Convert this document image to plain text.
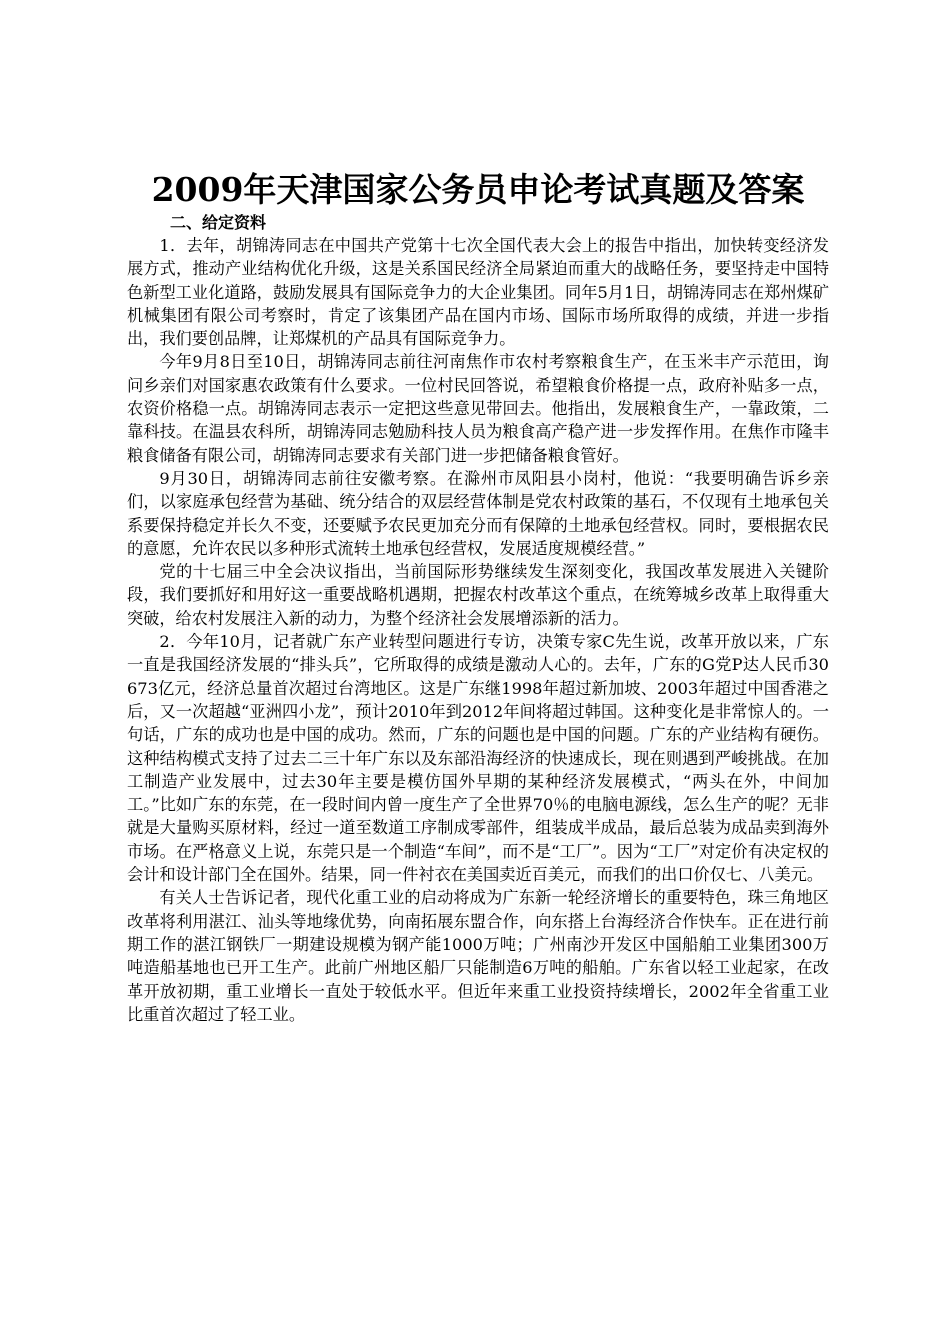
2009年天津国家公务员申论考试真题及答案
二、给定资料

1．去年，胡锦涛同志在中国共产党第十七次全国代表大会上的报告中指出，加快转变经济发展方式，推动产业结构优化升级，这是关系国民经济全局紧迫而重大的战略任务，要坚持走中国特色新型工业化道路，鼓励发展具有国际竞争力的大企业集团。同年5月1日，胡锦涛同志在郑州煤矿机械集团有限公司考察时，肯定了该集团产品在国内市场、国际市场所取得的成绩，并进一步指出，我们要创品牌，让郑煤机的产品具有国际竞争力。

今年9月8日至10日，胡锦涛同志前往河南焦作市农村考察粮食生产，在玉米丰产示范田，询问乡亲们对国家惠农政策有什么要求。一位村民回答说，希望粮食价格提一点，政府补贴多一点，农资价格稳一点。胡锦涛同志表示一定把这些意见带回去。他指出，发展粮食生产，一靠政策，二靠科技。在温县农科所，胡锦涛同志勉励科技人员为粮食高产稳产进一步发挥作用。在焦作市隆丰粮食储备有限公司，胡锦涛同志要求有关部门进一步把储备粮食管好。

9月30日，胡锦涛同志前往安徽考察。在滁州市凤阳县小岗村，他说：“我要明确告诉乡亲们，以家庭承包经营为基础、统分结合的双层经营体制是党农村政策的基石，不仅现有土地承包关系要保持稳定并长久不变，还要赋予农民更加充分而有保障的土地承包经营权。同时，要根据农民的意愿，允许农民以多种形式流转土地承包经营权，发展适度规模经营。”

党的十七届三中全会决议指出，当前国际形势继续发生深刻变化，我国改革发展进入关键阶段，我们要抓好和用好这一重要战略机遇期，把握农村改革这个重点，在统筹城乡改革上取得重大突破，给农村发展注入新的动力，为整个经济社会发展增添新的活力。

2．今年10月，记者就广东产业转型问题进行专访，决策专家C先生说，改革开放以来，广东一直是我国经济发展的“排头兵”，它所取得的成绩是激动人心的。去年，广东的G党P达人民币30673亿元，经济总量首次超过台湾地区。这是广东继1998年超过新加坡、2003年超过中国香港之后，又一次超越“亚洲四小龙”，预计2010年到2012年间将超过韩国。这种变化是非常惊人的。一句话，广东的成功也是中国的成功。然而，广东的问题也是中国的问题。广东的产业结构有硬伤。这种结构模式支持了过去二三十年广东以及东部沿海经济的快速成长，现在则遇到严峻挑战。在加工制造产业发展中，过去30年主要是模仿国外早期的某种经济发展模式，“两头在外，中间加工。”比如广东的东莞，在一段时间内曾一度生产了全世界70％的电脑电源线，怎么生产的呢？无非就是大量购买原材料，经过一道至数道工序制成零部件，组装成半成品，最后总装为成品卖到海外市场。在严格意义上说，东莞只是一个制造“车间”，而不是“工厂”。因为“工厂”对定价有决定权的会计和设计部门全在国外。结果，同一件衬衣在美国卖近百美元，而我们的出口价仅七、八美元。

有关人士告诉记者，现代化重工业的启动将成为广东新一轮经济增长的重要特色，珠三角地区改革将利用湛江、汕头等地缘优势，向南拓展东盟合作，向东搭上台海经济合作快车。正在进行前期工作的湛江钢铁厂一期建设规模为钢产能1000万吨；广州南沙开发区中国船舶工业集团300万吨造船基地也已开工生产。此前广州地区船厂只能制造6万吨的船舶。广东省以轻工业起家，在改革开放初期，重工业增长一直处于较低水平。但近年来重工业投资持续增长，2002年全省重工业比重首次超过了轻工业。
